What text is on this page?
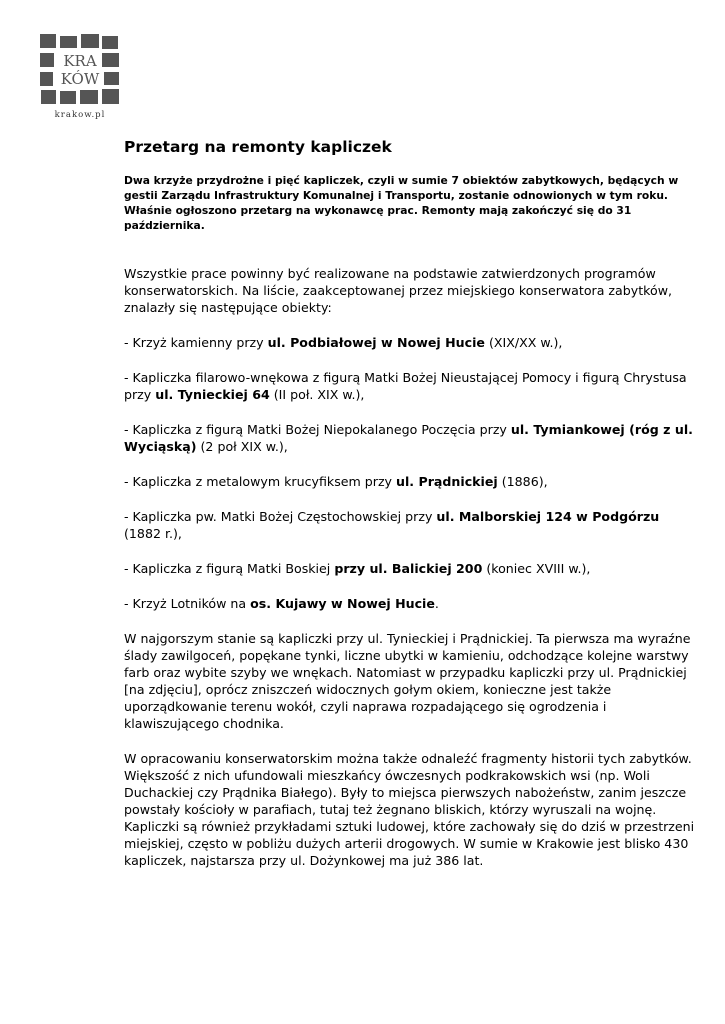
KRA
KÓW
krakow.pl
Przetarg na remonty kapliczek

Dwa krzyże przydrożne i pięć kapliczek, czyli w sumie 7 obiektów zabytkowych, będących w gestii Zarządu Infrastruktury Komunalnej i Transportu, zostanie odnowionych w tym roku. Właśnie ogłoszono przetarg na wykonawcę prac. Remonty mają zakończyć się do 31 października.

Wszystkie prace powinny być realizowane na podstawie zatwierdzonych programów konserwatorskich. Na liście, zaakceptowanej przez miejskiego konserwatora zabytków, znalazły się następujące obiekty:

- Krzyż kamienny przy ul. Podbiałowej w Nowej Hucie (XIX/XX w.),

- Kapliczka filarowo-wnękowa z figurą Matki Bożej Nieustającej Pomocy i figurą Chrystusa przy ul. Tynieckiej 64 (II poł. XIX w.),

- Kapliczka z figurą Matki Bożej Niepokalanego Poczęcia przy ul. Tymiankowej (róg z ul. Wyciąską) (2 poł XIX w.),

- Kapliczka z metalowym krucyfiksem przy ul. Prądnickiej (1886),

- Kapliczka pw. Matki Bożej Częstochowskiej przy ul. Malborskiej 124 w Podgórzu (1882 r.),

- Kapliczka z figurą Matki Boskiej przy ul. Balickiej 200 (koniec XVIII w.),

- Krzyż Lotników na os. Kujawy w Nowej Hucie.

W najgorszym stanie są kapliczki przy ul. Tynieckiej i Prądnickiej. Ta pierwsza ma wyraźne ślady zawilgoceń, popękane tynki, liczne ubytki w kamieniu, odchodzące kolejne warstwy farb oraz wybite szyby we wnękach. Natomiast w przypadku kapliczki przy ul. Prądnickiej [na zdjęciu], oprócz zniszczeń widocznych gołym okiem, konieczne jest także uporządkowanie terenu wokół, czyli naprawa rozpadającego się ogrodzenia i klawiszującego chodnika.

W opracowaniu konserwatorskim można także odnaleźć fragmenty historii tych zabytków. Większość z nich ufundowali mieszkańcy ówczesnych podkrakowskich wsi (np. Woli Duchackiej czy Prądnika Białego). Były to miejsca pierwszych nabożeństw, zanim jeszcze powstały kościoły w parafiach, tutaj też żegnano bliskich, którzy wyruszali na wojnę. Kapliczki są również przykładami sztuki ludowej, które zachowały się do dziś w przestrzeni miejskiej, często w pobliżu dużych arterii drogowych. W sumie w Krakowie jest blisko 430 kapliczek, najstarsza przy ul. Dożynkowej ma już 386 lat.
